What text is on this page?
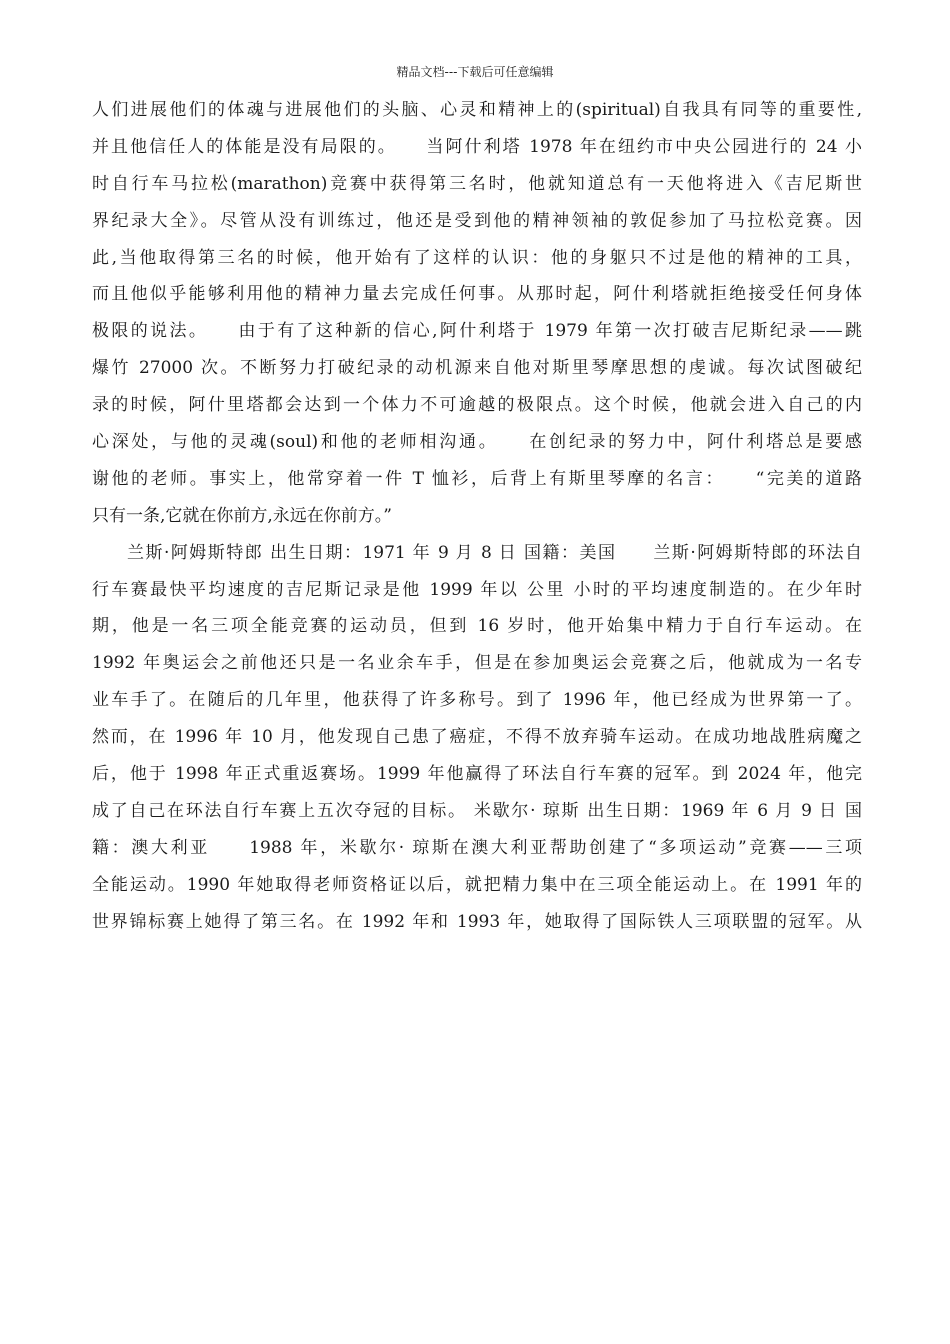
精品文档---下载后可任意编辑
人们进展他们的体魂与进展他们的头脑、心灵和精神上的(spiritual)自我具有同等的重要性,
并且他信任人的体能是没有局限的。　　当阿什利塔 1978 年在纽约市中央公园进行的 24 小
时自行车马拉松(marathon)竞赛中获得第三名时，他就知道总有一天他将进入《吉尼斯世
界纪录大全》。尽管从没有训练过，他还是受到他的精神领袖的敦促参加了马拉松竞赛。因
此,当他取得第三名的时候，他开始有了这样的认识：他的身躯只不过是他的精神的工具，
而且他似乎能够利用他的精神力量去完成任何事。从那时起，阿什利塔就拒绝接受任何身体
极限的说法。　　由于有了这种新的信心,阿什利塔于 1979 年第一次打破吉尼斯纪录——跳
爆竹 27000 次。不断努力打破纪录的动机源来自他对斯里琴摩思想的虔诚。每次试图破纪
录的时候，阿什里塔都会达到一个体力不可逾越的极限点。这个时候，他就会进入自己的内
心深处，与他的灵魂(soul)和他的老师相沟通。　　在创纪录的努力中，阿什利塔总是要感
谢他的老师。事实上，他常穿着一件 T 恤衫，后背上有斯里琴摩的名言：　　“完美的道路
只有一条,它就在你前方,永远在你前方。”
兰斯·阿姆斯特郎 出生日期：1971 年 9 月 8 日 国籍：美国　　兰斯·阿姆斯特郎的环法自
行车赛最快平均速度的吉尼斯记录是他 1999 年以 公里 小时的平均速度制造的。在少年时
期，他是一名三项全能竞赛的运动员，但到 16 岁时，他开始集中精力于自行车运动。在
1992 年奥运会之前他还只是一名业余车手，但是在参加奥运会竞赛之后，他就成为一名专
业车手了。在随后的几年里，他获得了许多称号。到了 1996 年，他已经成为世界第一了。
然而，在 1996 年 10 月，他发现自己患了癌症，不得不放弃骑车运动。在成功地战胜病魔之
后，他于 1998 年正式重返赛场。1999 年他赢得了环法自行车赛的冠军。到 2024 年，他完
成了自己在环法自行车赛上五次夺冠的目标。 米歇尔· 琼斯 出生日期：1969 年 6 月 9 日 国
籍：澳大利亚　　1988 年，米歇尔· 琼斯在澳大利亚帮助创建了“多项运动”竞赛——三项
全能运动。1990 年她取得老师资格证以后，就把精力集中在三项全能运动上。在 1991 年的
世界锦标赛上她得了第三名。在 1992 年和 1993 年，她取得了国际铁人三项联盟的冠军。从
